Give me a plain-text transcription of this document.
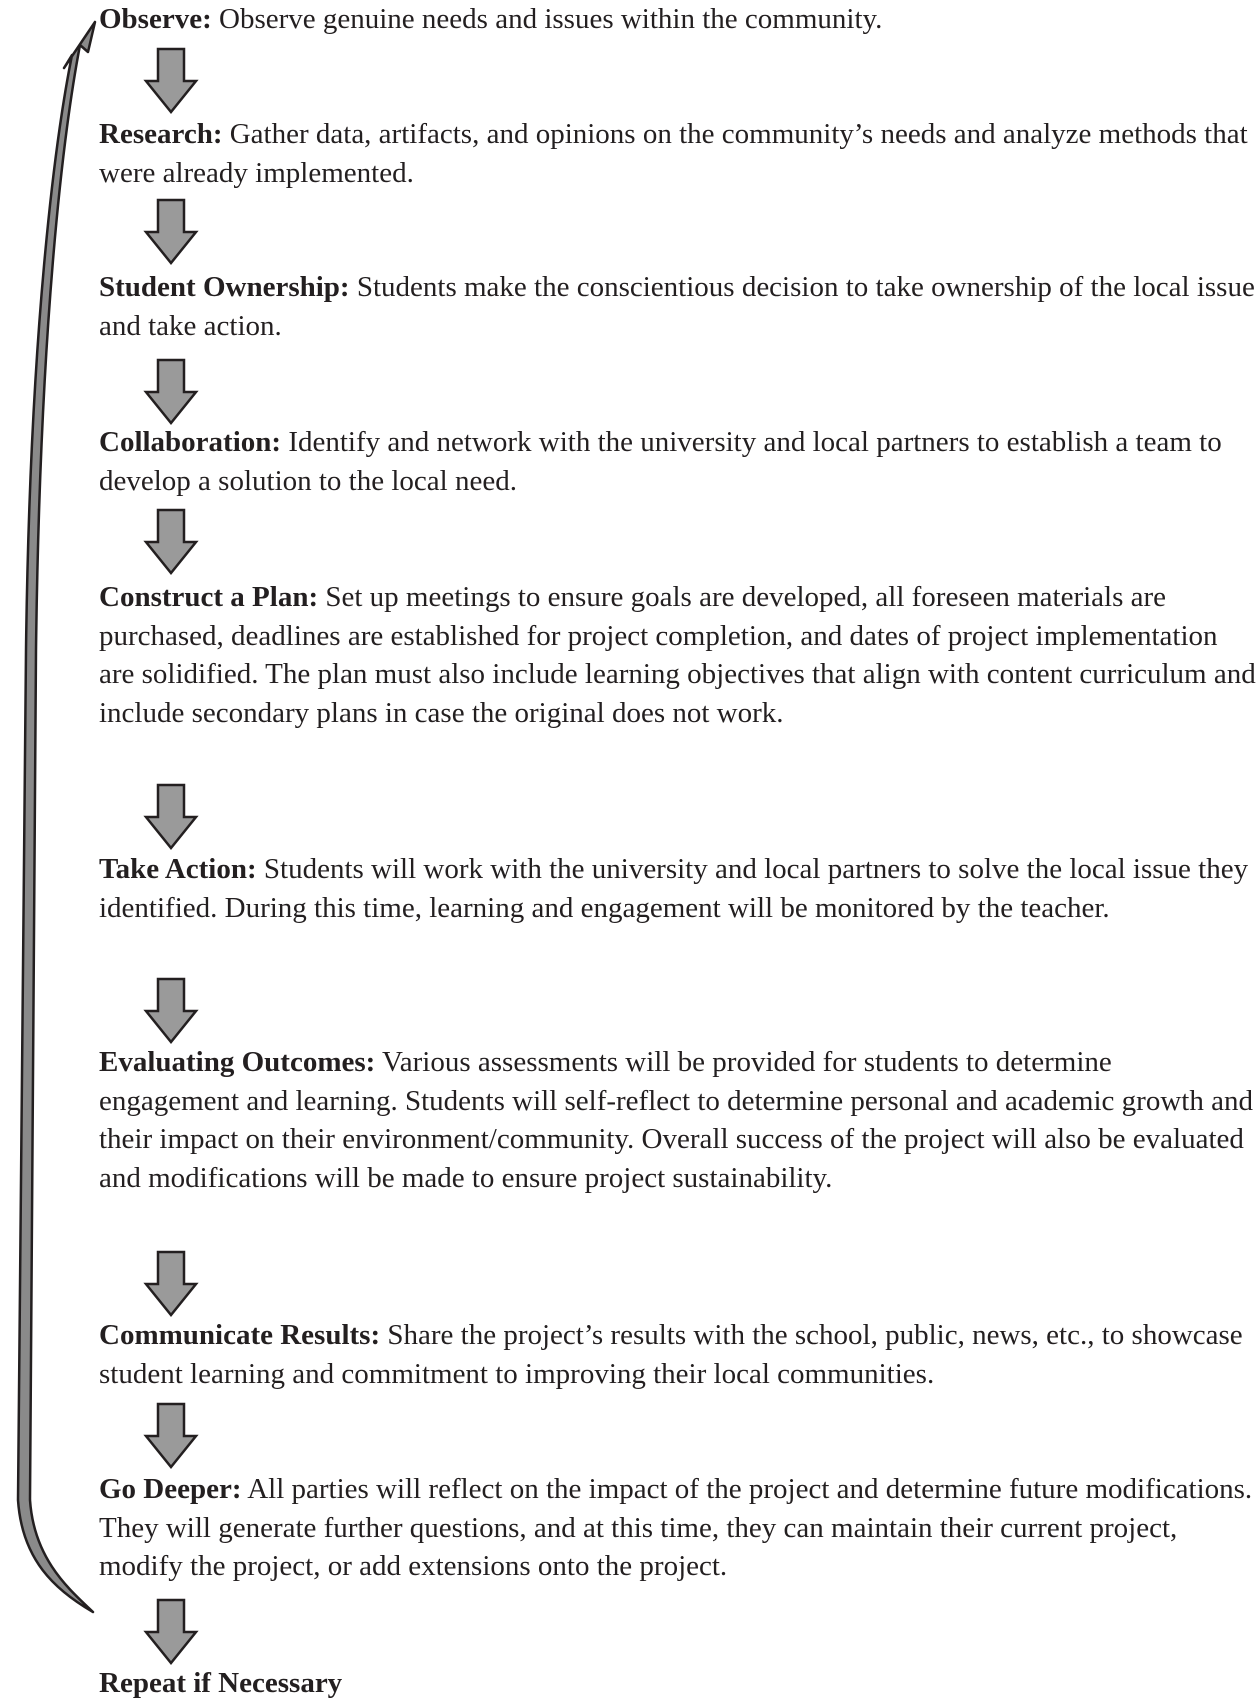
Observe: Observe genuine needs and issues within the community.

Research: Gather data, artifacts, and opinions on the community’s needs and analyze methods that were already implemented.

Student Ownership: Students make the conscientious decision to take ownership of the local issue and take action.

Collaboration: Identify and network with the university and local partners to establish a team to develop a solution to the local need.

Construct a Plan: Set up meetings to ensure goals are developed, all foreseen materials are purchased, deadlines are established for project completion, and dates of project implementation are solidified. The plan must also include learning objectives that align with content curriculum and include secondary plans in case the original does not work.

Take Action: Students will work with the university and local partners to solve the local issue they identified. During this time, learning and engagement will be monitored by the teacher.

Evaluating Outcomes: Various assessments will be provided for students to determine engagement and learning. Students will self-reflect to determine personal and academic growth and their impact on their environment/community. Overall success of the project will also be evaluated and modifications will be made to ensure project sustainability.

Communicate Results: Share the project’s results with the school, public, news, etc., to showcase student learning and commitment to improving their local communities.

Go Deeper: All parties will reflect on the impact of the project and determine future modifications. They will generate further questions, and at this time, they can maintain their current project, modify the project, or add extensions onto the project.

Repeat if Necessary
